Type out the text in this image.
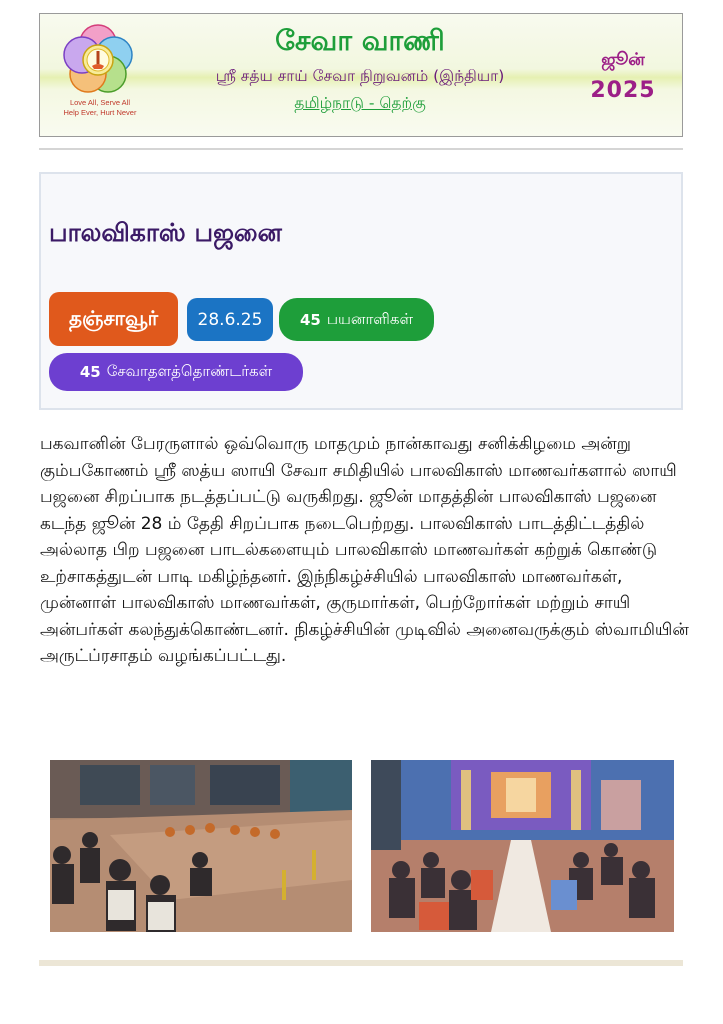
Love All, Serve All
Help Ever, Hurt Never
சேவா வாணி
ஸ்ரீ சத்ய சாய் சேவா நிறுவனம் (இந்தியா)
தமிழ்நாடு - தெற்கு
ஜூன்
2025
பாலவிகாஸ் பஜனை
தஞ்சாவூர்	28.6.25	45 பயனாளிகள்
45 சேவாதளத்தொண்டர்கள்
பகவானின் பேரருளால் ஒவ்வொரு மாதமும் நான்காவது சனிக்கிழமை அன்று கும்பகோணம் ஸ்ரீ ஸத்ய ஸாயி சேவா சமிதியில் பாலவிகாஸ் மாணவர்களால் ஸாயி பஜனை சிறப்பாக நடத்தப்பட்டு வருகிறது. ஜூன் மாதத்தின் பாலவிகாஸ் பஜனை கடந்த ஜூன் 28 ம் தேதி சிறப்பாக நடைபெற்றது. பாலவிகாஸ் பாடத்திட்டத்தில் அல்லாத பிற பஜனை பாடல்களையும் பாலவிகாஸ் மாணவர்கள் கற்றுக் கொண்டு உற்சாகத்துடன் பாடி மகிழ்ந்தனர். இந்நிகழ்ச்சியில் பாலவிகாஸ் மாணவர்கள், முன்னாள் பாலவிகாஸ் மாணவர்கள், குருமார்கள், பெற்றோர்கள் மற்றும் சாயி அன்பர்கள் கலந்துக்கொண்டனர். நிகழ்ச்சியின் முடிவில் அனைவருக்கும் ஸ்வாமியின் அருட்ப்ரசாதம் வழங்கப்பட்டது.
